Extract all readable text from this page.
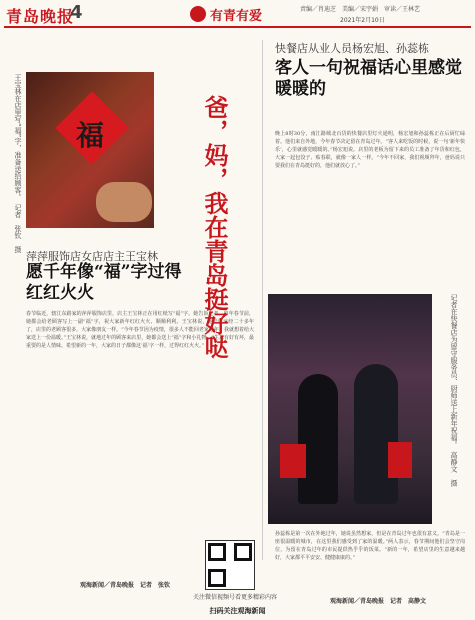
青岛晚报
4	有青有爱	责编／肖迪芝　美编／宋宇娟　审读／王林艺
2021年2月10日
王宝林在店里写“福”字，准备送给顾客。　记者　张钦　摄 福
萍萍服饰店女店店主王宝林
愿千年像“福”字过得红红火火
春节临近，辖江东路家的萍萍服饰店里，店主王宝林正在用红纸写“福”字。她告诉记者，每年春节前，她都会给老顾客写上一副“福”字，祝大家新年红红火火、顺顺利利。王宝林说，她开店已经二十多年了，店里的老顾客很多，大家像朋友一样。“今年春节因为疫情，很多人不能回老家过年，我就想着给大家送上一份温暖。”王宝林说，就地过年的顾客来店里，她都会送上“福”字和小礼物。“生意有好有坏，最重要的是人情味。希望新的一年，大家的日子都像这‘福’字一样，过得红红火火。”
观海新闻／青岛晚报　记者　张钦
爸，妈，我在青岛挺好哒
快餐店从业人员杨宏旭、孙蕊栋
客人一句祝福话心里感觉暖暖的
晚上8时30分，南江路城北百货的快餐店里灯火通明，杨宏旭和孙蕊栋正在后厨忙碌着。他们来自外地，今年春节决定留在青岛过年。“客人来吃饭的时候，说一句‘新年快乐’，心里就感觉暖暖的。”杨宏旭说。店里的老板为留下来的员工准备了年货和红包，大家一起包饺子、贴春联，就像一家人一样。“今年不回家，我们视频拜年，爸妈说只要我们在青岛挺好的，他们就放心了。”
记者在快餐店为留守服务员、厨师送上新年祝福。　高静文　摄
孙蕊栋是第一次在外地过年，她说虽然想家，但是在青岛过年也很有意义。“青岛是一座很温暖的城市，在这里我们感受到了家的温暖。”两人表示，春节期间他们会坚守岗位，为留在青岛过年的市民提供热乎乎的饭菜。“新的一年，希望店里的生意越来越好，大家都平平安安、健健康康的。”
观海新闻／青岛晚报　记者　高静文
关注微信视频号看更多精彩内容
扫码关注观海新闻
